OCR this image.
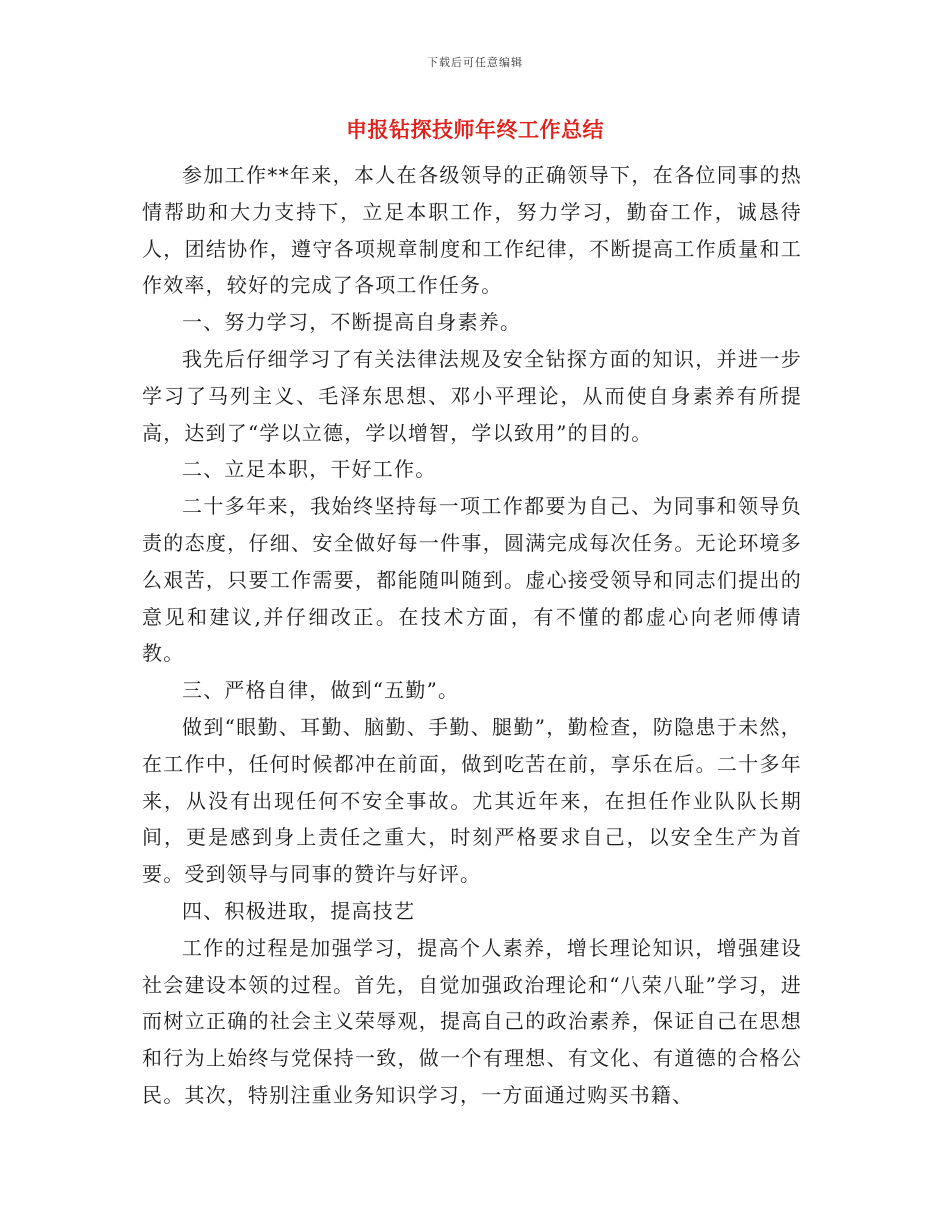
下载后可任意编辑
申报钻探技师年终工作总结

参加工作**年来，本人在各级领导的正确领导下，在各位同事的热情帮助和大力支持下，立足本职工作，努力学习，勤奋工作，诚恳待人，团结协作，遵守各项规章制度和工作纪律，不断提高工作质量和工作效率，较好的完成了各项工作任务。

一、努力学习，不断提高自身素养。

我先后仔细学习了有关法律法规及安全钻探方面的知识，并进一步学习了马列主义、毛泽东思想、邓小平理论，从而使自身素养有所提高，达到了“学以立德，学以增智，学以致用”的目的。

二、立足本职，干好工作。

二十多年来，我始终坚持每一项工作都要为自己、为同事和领导负责的态度，仔细、安全做好每一件事，圆满完成每次任务。无论环境多么艰苦，只要工作需要，都能随叫随到。虚心接受领导和同志们提出的意见和建议,并仔细改正。在技术方面，有不懂的都虚心向老师傅请教。

三、严格自律，做到“五勤”。

做到“眼勤、耳勤、脑勤、手勤、腿勤”，勤检查，防隐患于未然，在工作中，任何时候都冲在前面，做到吃苦在前，享乐在后。二十多年来，从没有出现任何不安全事故。尤其近年来，在担任作业队队长期间，更是感到身上责任之重大，时刻严格要求自己，以安全生产为首要。受到领导与同事的赞许与好评。

四、积极进取，提高技艺

工作的过程是加强学习，提高个人素养，增长理论知识，增强建设社会建设本领的过程。首先，自觉加强政治理论和“八荣八耻”学习，进而树立正确的社会主义荣辱观，提高自己的政治素养，保证自己在思想和行为上始终与党保持一致，做一个有理想、有文化、有道德的合格公民。其次，特别注重业务知识学习，一方面通过购买书籍、
